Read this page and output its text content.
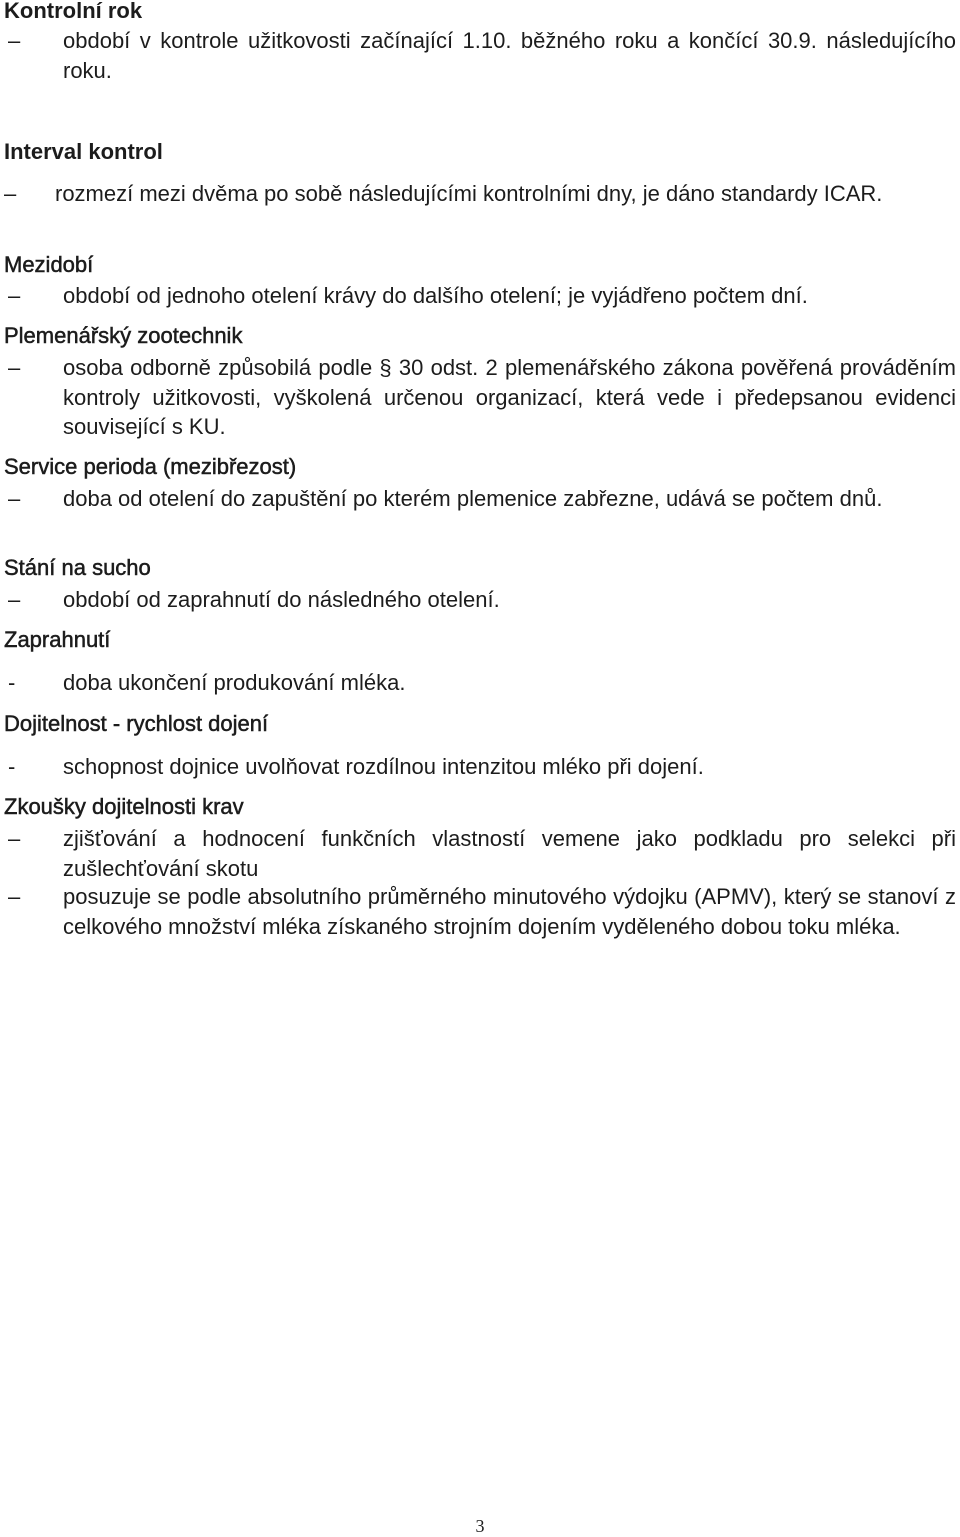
Kontrolní rok
– období v kontrole užitkovosti začínající 1.10. běžného roku a končící 30.9. následujícího roku.
Interval kontrol
– rozmezí mezi dvěma po sobě následujícími kontrolními dny, je dáno standardy ICAR.
Mezidobí
– období od jednoho otelení krávy do dalšího otelení; je vyjádřeno počtem dní.
Plemenářský zootechnik
– osoba odborně způsobilá podle § 30 odst. 2 plemenářského zákona pověřená prováděním kontroly užitkovosti, vyškolená určenou organizací, která vede i předepsanou evidenci související s KU.
Service perioda (mezibřezost)
– doba od otelení do zapuštění po kterém plemenice zabřezne, udává se počtem dnů.
Stání na sucho
– období od zaprahnutí do následného otelení.
Zaprahnutí
- doba ukončení produkování mléka.
Dojitelnost - rychlost dojení
- schopnost dojnice uvolňovat rozdílnou intenzitou mléko při dojení.
Zkoušky dojitelnosti krav
– zjišťování a hodnocení funkčních vlastností vemene jako podkladu pro selekci při zušlechťování skotu
– posuzuje se podle absolutního průměrného minutového výdojku (APMV), který se stanoví z celkového množství mléka získaného strojním dojením vyděleného dobou toku mléka.
3
